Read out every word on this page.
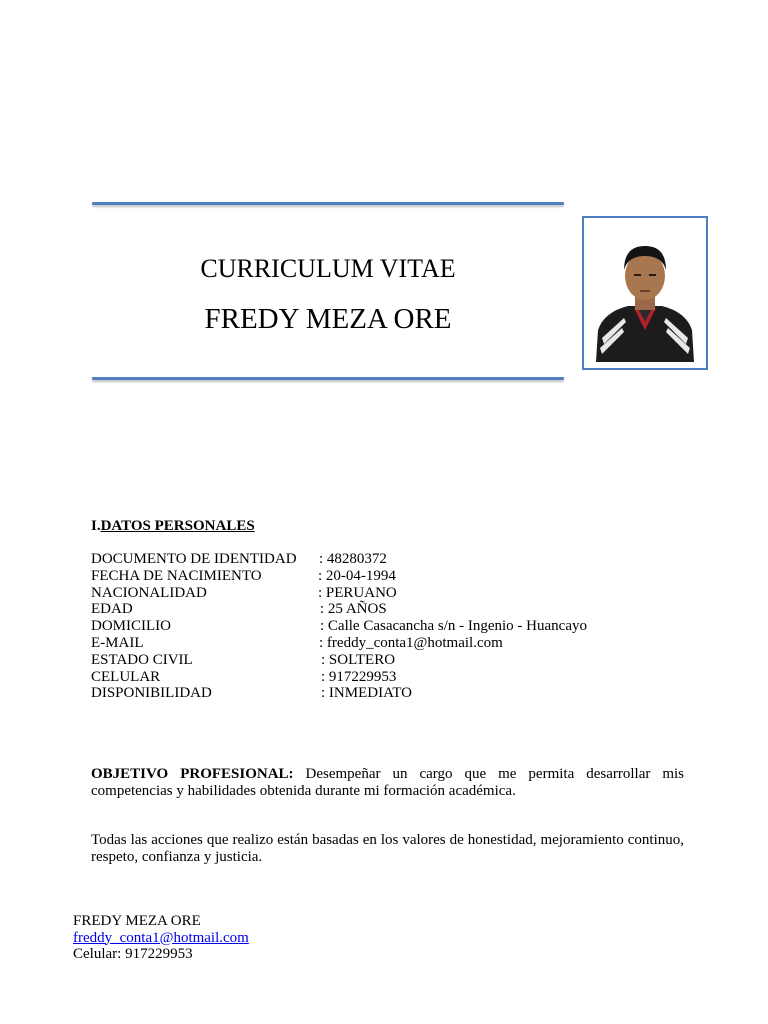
CURRICULUM VITAE
FREDY MEZA ORE
I.DATOS PERSONALES
DOCUMENTO DE IDENTIDAD : 48280372
FECHA DE NACIMIENTO	: 20-04-1994
NACIONALIDAD	: PERUANO
EDAD	: 25 AÑOS
DOMICILIO	: Calle Casacancha s/n - Ingenio - Huancayo
E-MAIL	: freddy_conta1@hotmail.com
ESTADO CIVIL	: SOLTERO
CELULAR	: 917229953
DISPONIBILIDAD	: INMEDIATO
OBJETIVO PROFESIONAL: Desempeñar un cargo que me permita desarrollar mis competencias y habilidades obtenida durante mi formación académica.
Todas las acciones que realizo están basadas en los valores de honestidad, mejoramiento continuo, respeto, confianza y justicia.
FREDY MEZA ORE
freddy_conta1@hotmail.com
Celular: 917229953
